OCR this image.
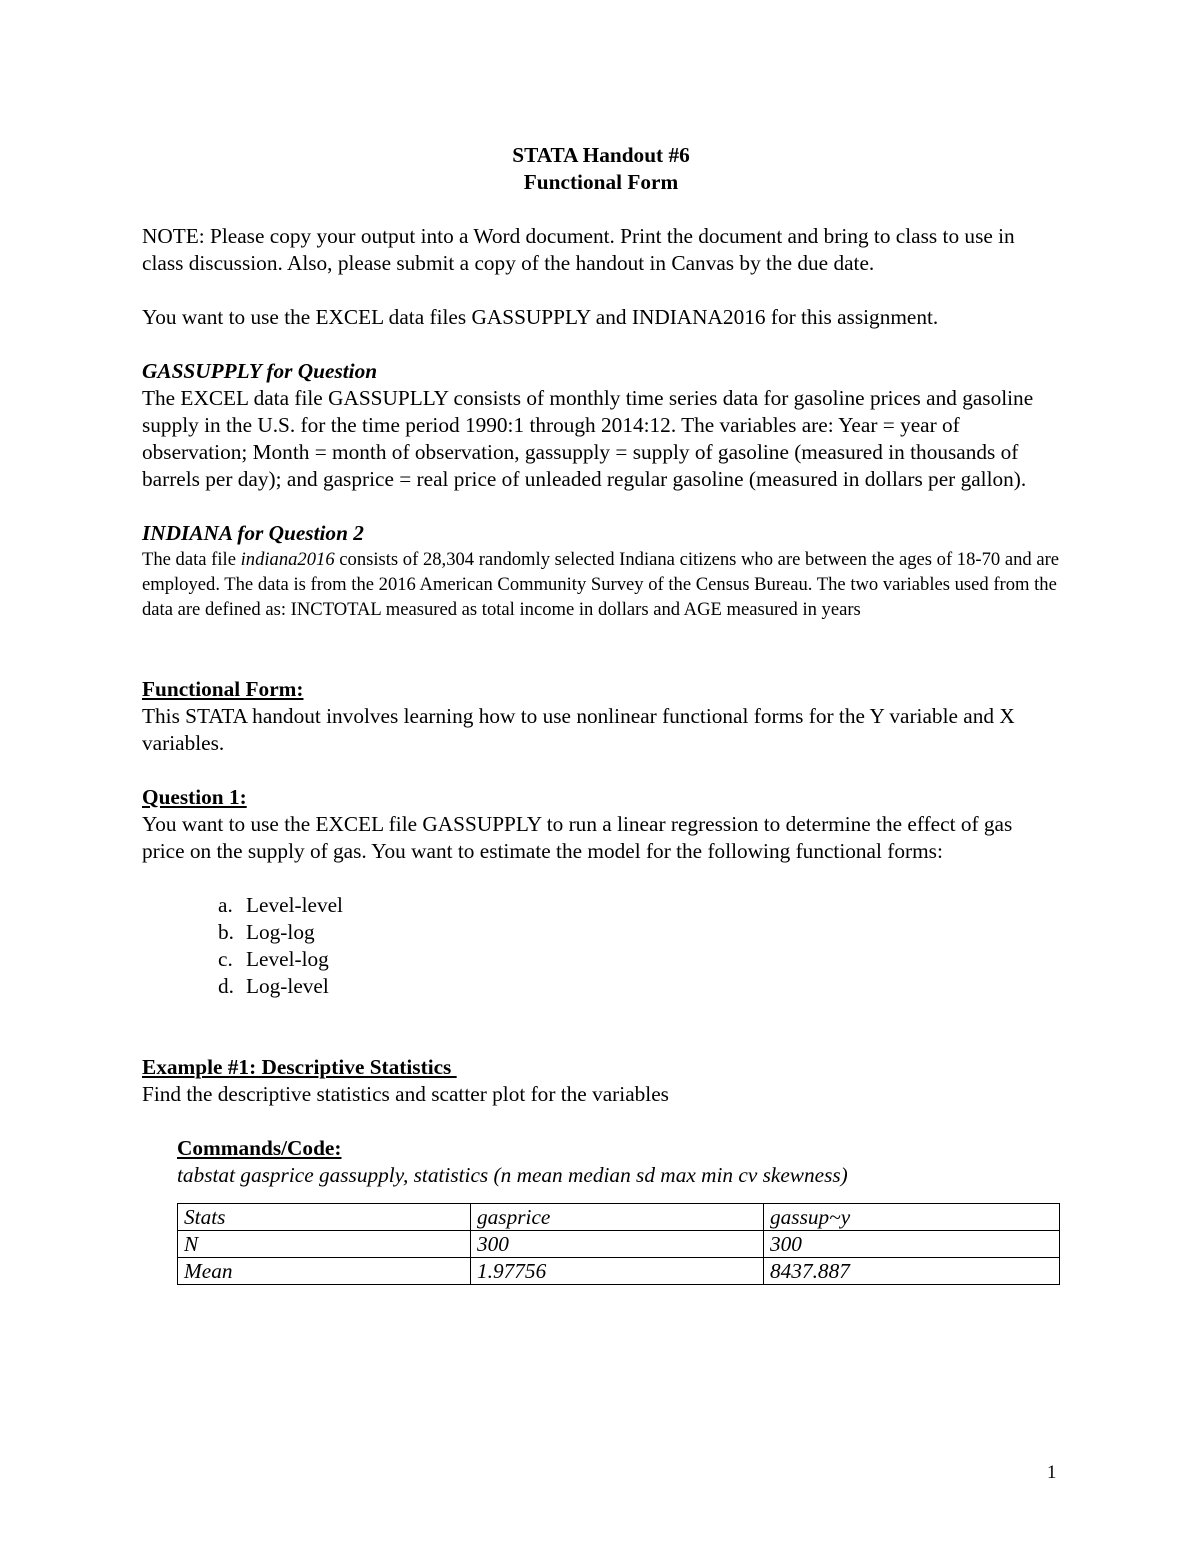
STATA Handout #6
Functional Form

NOTE: Please copy your output into a Word document. Print the document and bring to class to use in class discussion. Also, please submit a copy of the handout in Canvas by the due date.

You want to use the EXCEL data files GASSUPPLY and INDIANA2016 for this assignment.

GASSUPPLY for Question

The EXCEL data file GASSUPLLY consists of monthly time series data for gasoline prices and gasoline supply in the U.S. for the time period 1990:1 through 2014:12. The variables are: Year = year of observation; Month = month of observation, gassupply = supply of gasoline (measured in thousands of barrels per day); and gasprice = real price of unleaded regular gasoline (measured in dollars per gallon).

INDIANA for Question 2

The data file indiana2016 consists of 28,304 randomly selected Indiana citizens who are between the ages of 18-70 and are employed. The data is from the 2016 American Community Survey of the Census Bureau. The two variables used from the data are defined as: INCTOTAL measured as total income in dollars and AGE measured in years

Functional Form:

This STATA handout involves learning how to use nonlinear functional forms for the Y variable and X variables.

Question 1:

You want to use the EXCEL file GASSUPPLY to run a linear regression to determine the effect of gas price on the supply of gas. You want to estimate the model for the following functional forms:

a. Level-level
b. Log-log
c. Level-log
d. Log-level

Example #1: Descriptive Statistics

Find the descriptive statistics and scatter plot for the variables

Commands/Code:

tabstat gasprice gassupply, statistics (n mean median sd max min cv skewness)

Stats	gasprice	gassup~y
N	300	300
Mean	1.97756	8437.887
1
